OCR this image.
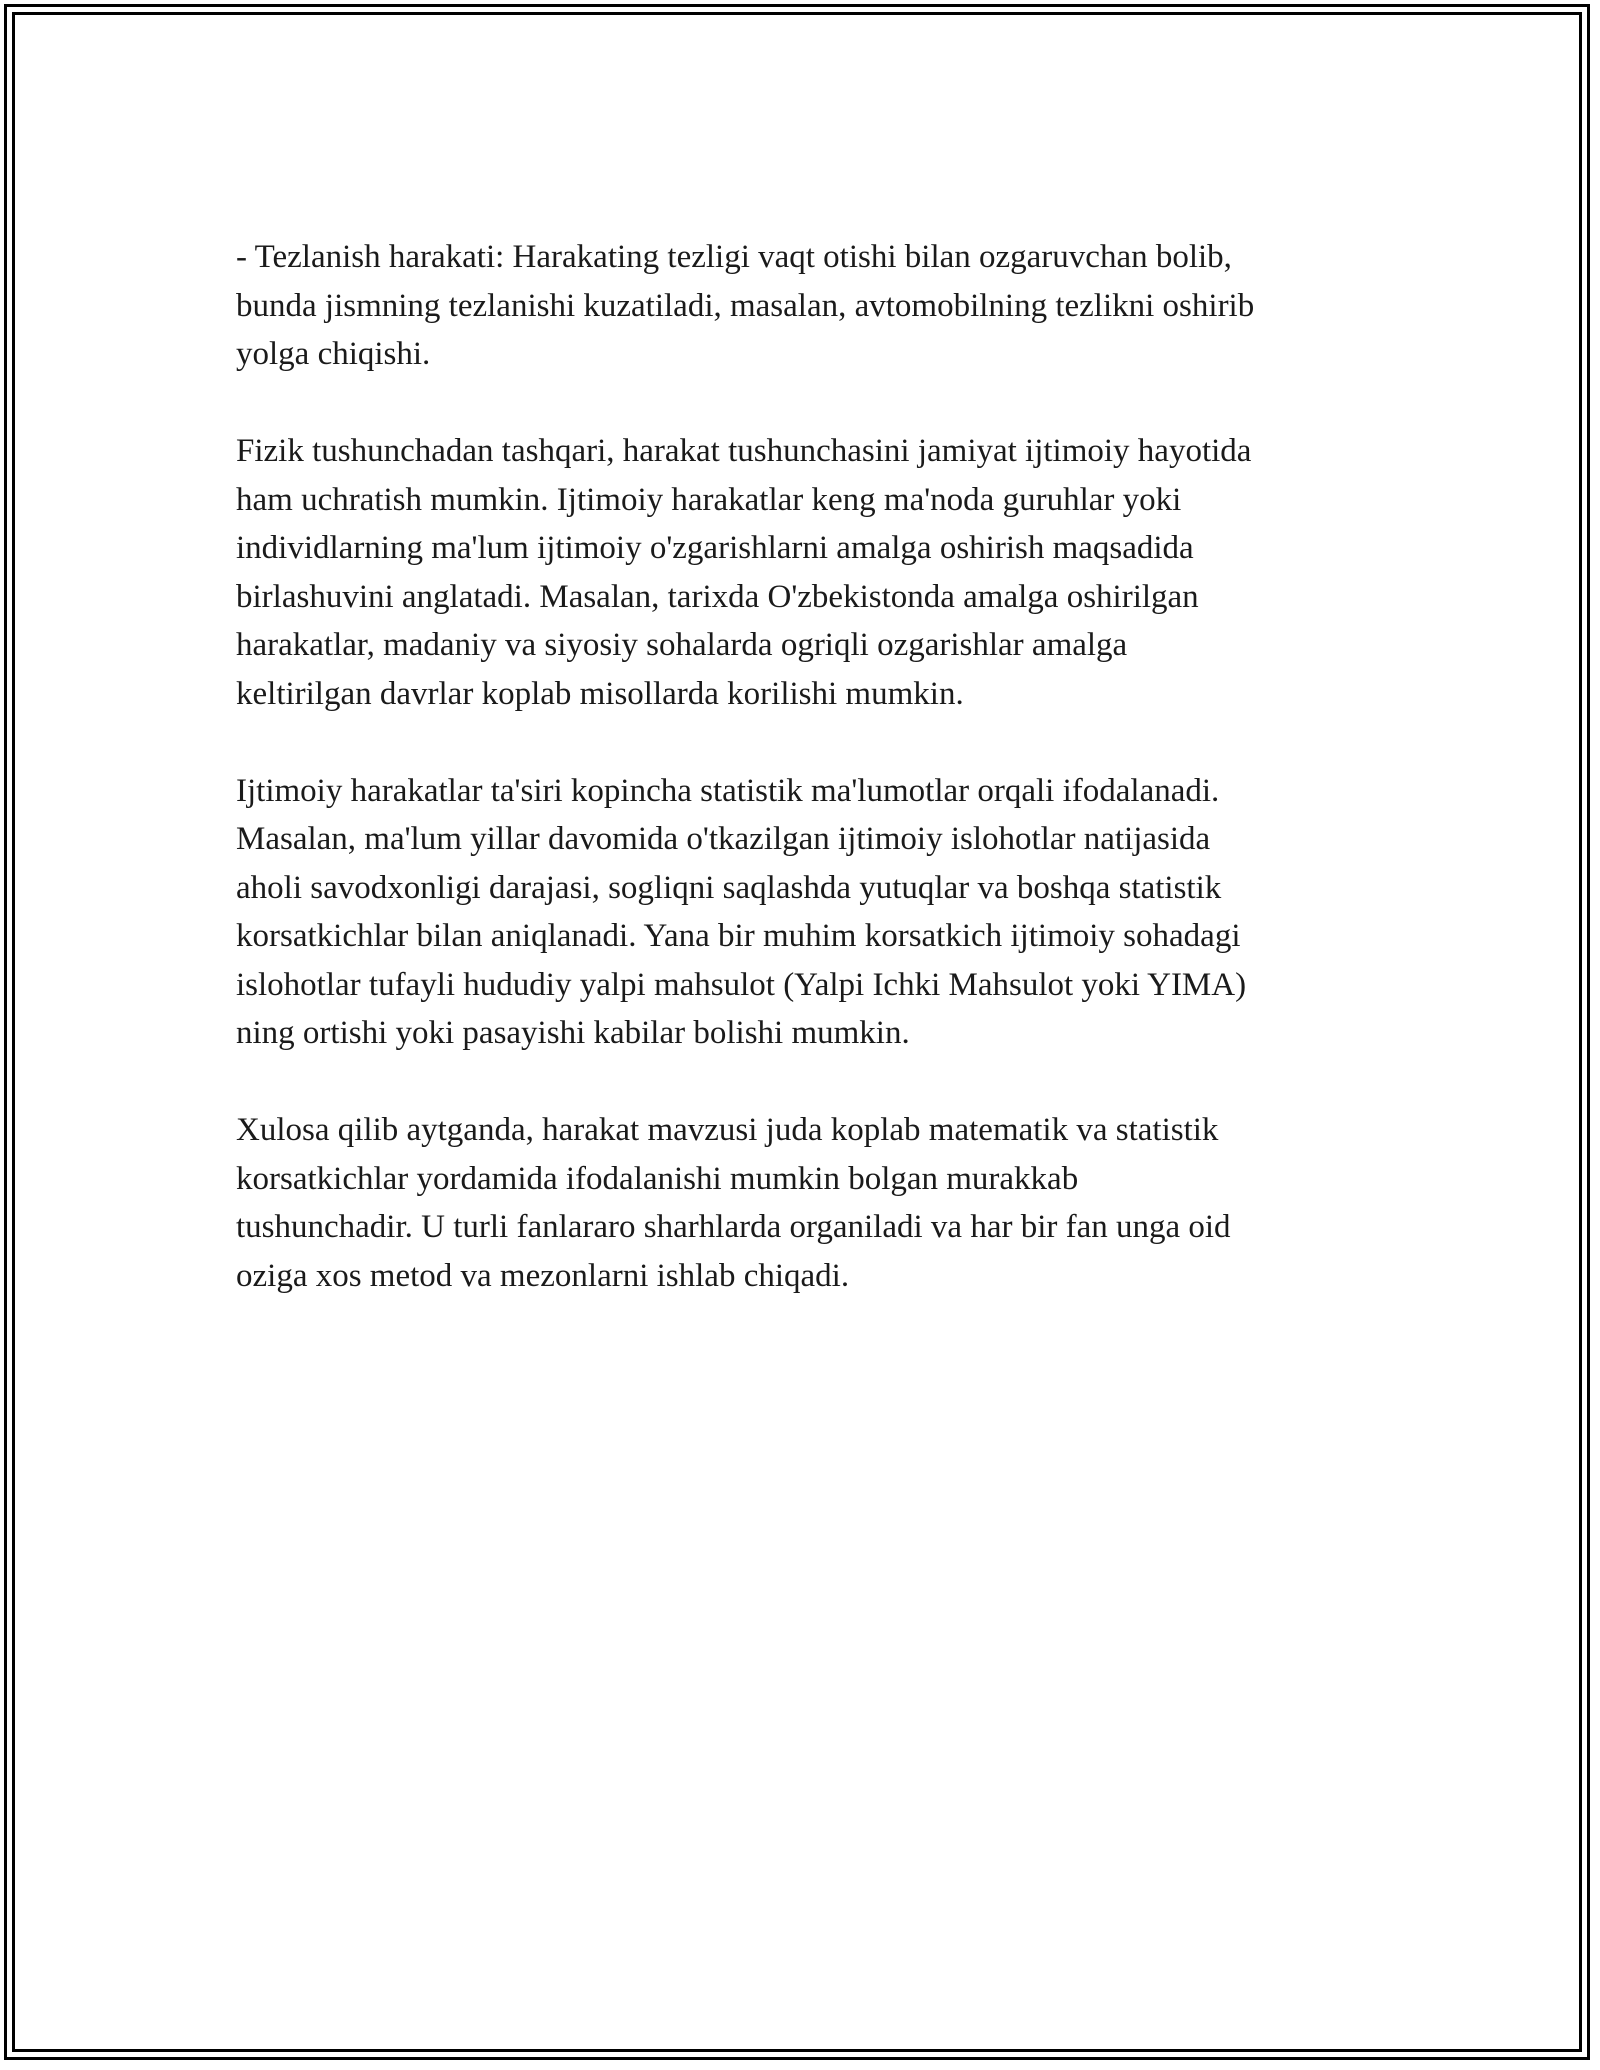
- Tezlanish harakati: Harakating tezligi vaqt otishi bilan ozgaruvchan bolib,
bunda jismning tezlanishi kuzatiladi, masalan, avtomobilning tezlikni oshirib
yolga chiqishi.

Fizik tushunchadan tashqari, harakat tushunchasini jamiyat ijtimoiy hayotida
ham uchratish mumkin. Ijtimoiy harakatlar keng ma'noda guruhlar yoki
individlarning ma'lum ijtimoiy o'zgarishlarni amalga oshirish maqsadida
birlashuvini anglatadi. Masalan, tarixda O'zbekistonda amalga oshirilgan
harakatlar, madaniy va siyosiy sohalarda ogriqli ozgarishlar amalga
keltirilgan davrlar koplab misollarda korilishi mumkin.

Ijtimoiy harakatlar ta'siri kopincha statistik ma'lumotlar orqali ifodalanadi.
Masalan, ma'lum yillar davomida o'tkazilgan ijtimoiy islohotlar natijasida
aholi savodxonligi darajasi, sogliqni saqlashda yutuqlar va boshqa statistik
korsatkichlar bilan aniqlanadi. Yana bir muhim korsatkich ijtimoiy sohadagi
islohotlar tufayli hududiy yalpi mahsulot (Yalpi Ichki Mahsulot yoki YIMA)
ning ortishi yoki pasayishi kabilar bolishi mumkin.

Xulosa qilib aytganda, harakat mavzusi juda koplab matematik va statistik
korsatkichlar yordamida ifodalanishi mumkin bolgan murakkab
tushunchadir. U turli fanlararo sharhlarda organiladi va har bir fan unga oid
oziga xos metod va mezonlarni ishlab chiqadi.
